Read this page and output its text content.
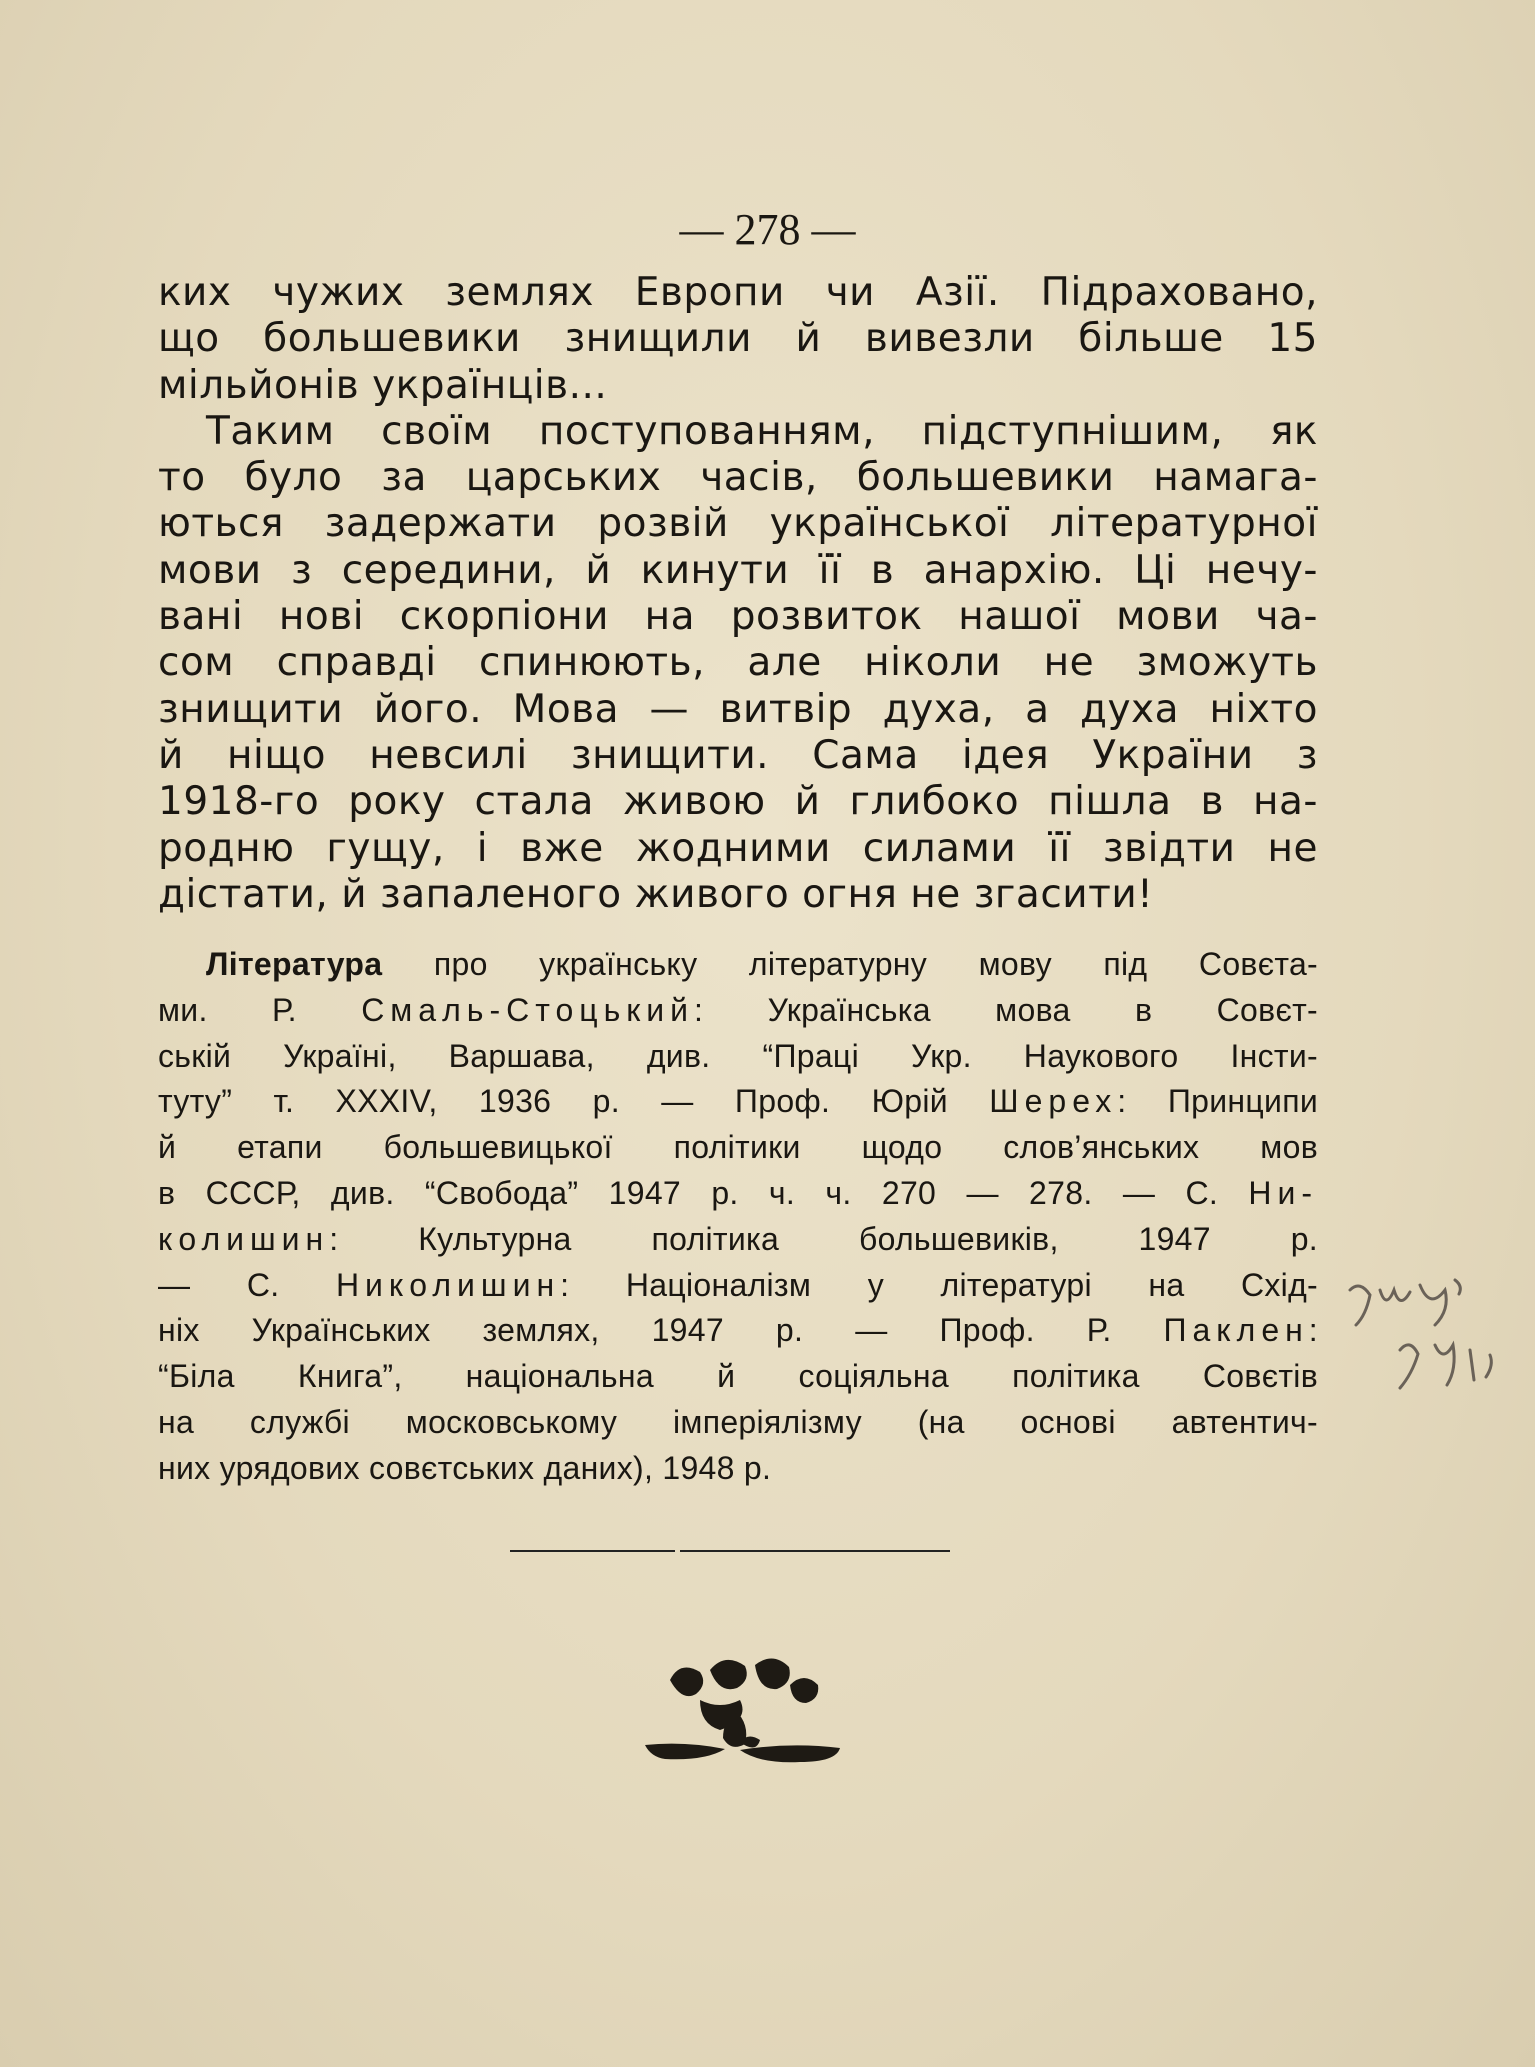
— 278 —

ких чужих землях Европи чи Азії. Підраховано,
що большевики знищили й вивезли більше 15
мільйонів українців...

Таким своїм поступованням, підступнішим, як
то було за царських часів, большевики намага-
ються задержати розвій української літературної
мови з середини, й кинути її в анархію. Ці нечу-
вані нові скорпіони на розвиток нашої мови ча-
сом справді спинюють, але ніколи не зможуть
знищити його. Мова — витвір духа, а духа ніхто
й ніщо невсилі знищити. Сама ідея України з
1918-го року стала живою й глибоко пішла в на-
родню гущу, і вже жодними силами її звідти не
дістати, й запаленого живого огня не згасити!

Література про українську літературну мову під Совєта-
ми. Р. Смаль-Стоцький: Українська мова в Совєт-
ській Україні, Варшава, див. “Праці Укр. Наукового Інсти-
туту” т. XXXIV, 1936 р. — Проф. Юрій Шерех: Принципи
й етапи большевицької політики щодо слов’янських мов
в СССР, див. “Свобода” 1947 р. ч. ч. 270 — 278. — С. Ни-
колишин: Культурна політика большевиків, 1947 р.
— С. Николишин: Націоналізм у літературі на Схід-
ніх Українських землях, 1947 р. — Проф. Р. Паклен:
“Біла Книга”, національна й соціяльна політика Совєтів
на службі московському імперіялізму (на основі автентич-
них урядових совєтських даних), 1948 р.
